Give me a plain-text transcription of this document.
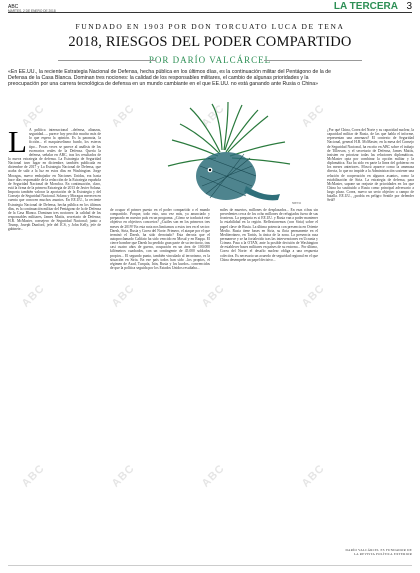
ABC
MARTES, 2 DE ENERO DE 2018	LA TERCERA 3
FUNDADO EN 1903 POR DON TORCUATO LUCA DE TENA
2018, RIESGOS DEL PODER COMPARTIDO
POR DARÍO VALCÁRCEL

«En EE.UU., la reciente Estrategia Nacional de Defensa, hecha pública en los últimos días, es la continuación militar del Pentágono de la de Defensa de la Casa Blanca. Dominan tres nociones: la calidad de los responsables militares, el cambio de algunas prioridades y la preocupación por una carrera tecnológica de defensa en un mundo cambiante en el que EE.UU. no está ganando ante Rusia o China»

L A política internacional –defensa, alianzas, seguridad...– parece hoy percibir mucho más de lo que espera la opinión. Es la paranoia, la ficción... el maquiavelismo burdo, los esteros tipo... Pocas veces se parece al análisis de los escenarios reales de la Defensa. Quería la defensa, señalar en ABC, tras los resultados de la nueva estrategia de defensa. La Estrategia de Seguridad Nacional tuvo lugar en diciembre, también publicada en diciembre de 2017 y La Estrategia Nacional de Defensa, que acaba de salir a la luz en estos días en Washington. Jorge Moragas, nuevo embajador en Naciones Unidas, era hasta hace días responsable de la redacción de la Estrategia española de Seguridad Nacional de Moncloa. En continuación, claro, está la firma de la primera Estrategia de 2013 de Javier Solana. Importa también valorar la aportación de la Estrategia y del Consejo de Seguridad Nacional. Solana y Moragas merecen en cuenta que conocen muchos asuntos. En EE.UU., la reciente Estrategia Nacional de Defensa, hecha pública en los últimos días, es la continuación militar del Pentágono de la de Defensa de la Casa Blanca. Dominan tres nociones: la calidad de los responsables militares, James Mattis, secretario de Defensa; H.R. McMaster, consejero de Seguridad Nacional; junto a Trump, Joseph Dunford, jefe del JCS, y John Kelly, jefe de gabinete...
NIETO
de ocupar el primer puesto en el poder compartido o el mundo compartido. Porque, todo esto, una vez más, ya anunciado y preparado en nuestro país en un programa. ¿Cómo se traducirá este objetivo en objetivos concretos? ¿Cuáles son en los primeros tres meses de 2019? En esta nota nos limitamos a estos tres en el sector: Daesh, Siria, Rusia y Corea del Norte. Primero, el ataque por el que terminó el Daesh, ha sido derrotado? Esta derrota que el autoproclamado Califato ha sido vencido en Mosul y en Raqqa. El cierre hombre que Daesh ha perdido gran parte de su territorio, tras casi cuatro años de guerra, ocupación en un área de 100.000 kilómetros cuadrados, con un contingente de 45.000 soldados propios... El segundo punto, también vinculado al terrorismo, es la situación en Siria. En ese país todos han sido –los propios, el régimen de Asad, Turquía, Irán, Rusia y los kurdos– convencidos de que la política seguida por los Estados Unidos resultaba...
miles de muertos, millones de desplazados... En esas cifras sin precedentes cerca de los ocho millones de refugiados fuera de sus fronteras. La pregunta es si EE.UU. y Rusia van a poder mantener la estabilidad en la región. Reflexionemos (con Siria) sobre el papel clave de Rusia. La última potencia con presencia en Oriente Medio. Rusia tiene bases en Siria, su flota permanente en el Mediterráneo, en Tartús, la única de la zona. La presencia rusa permanece y se ha fortalecido tras las intervenciones en Ucrania y Crimea. Pasa a la OTAN, ante la posible decisión de Washington de establecer bases militares en países de su entorno... Por último, Corea del Norte: el desafío nuclear obliga a una respuesta colectiva. Es necesario un acuerdo de seguridad regional en el que China desempeñe un papel decisivo...
¿Por qué China, Corea del Norte y su capacidad nuclear, la capacidad militar de Rusia, de las que habla el informe, representan una amenaza? El contexto de Seguridad Nacional, general H.R. McMaster, en la mesa del Consejo de Seguridad Nacional, ha escrito en ABC sobre el trabajo de Tillerson, y el secretario de Defensa, James Mattis, insisten en priorizar todas las relaciones diplomáticas. McMaster opta por combinar la opción militar y la diplomática. Esa ha sido en parte la línea del gobierno en los meses anteriores. Moscú aparece como la amenaza directa, lo que no impide a la Administración sostener una relación de cooperación en algunos asuntos, como la estabilización de Siria. La estrategia de defensa, para McMaster, supone un reajuste de prioridades en los que China ha sustituido a Rusia como principal adversario a largo plazo. Corea, nuevo un serio objetivo a campo de batalla. EE.UU., ¿podría en peligro Seattle por defender Seúl?
DARÍO VALCÁRCEL ES FUNDADOR DE
LA REVISTA POLÍTICA EXTERIOR
ABC	ABC	ABC	ABC
ABC	ABC	ABC	ABC
ABC	ABC	ABC	ABC
